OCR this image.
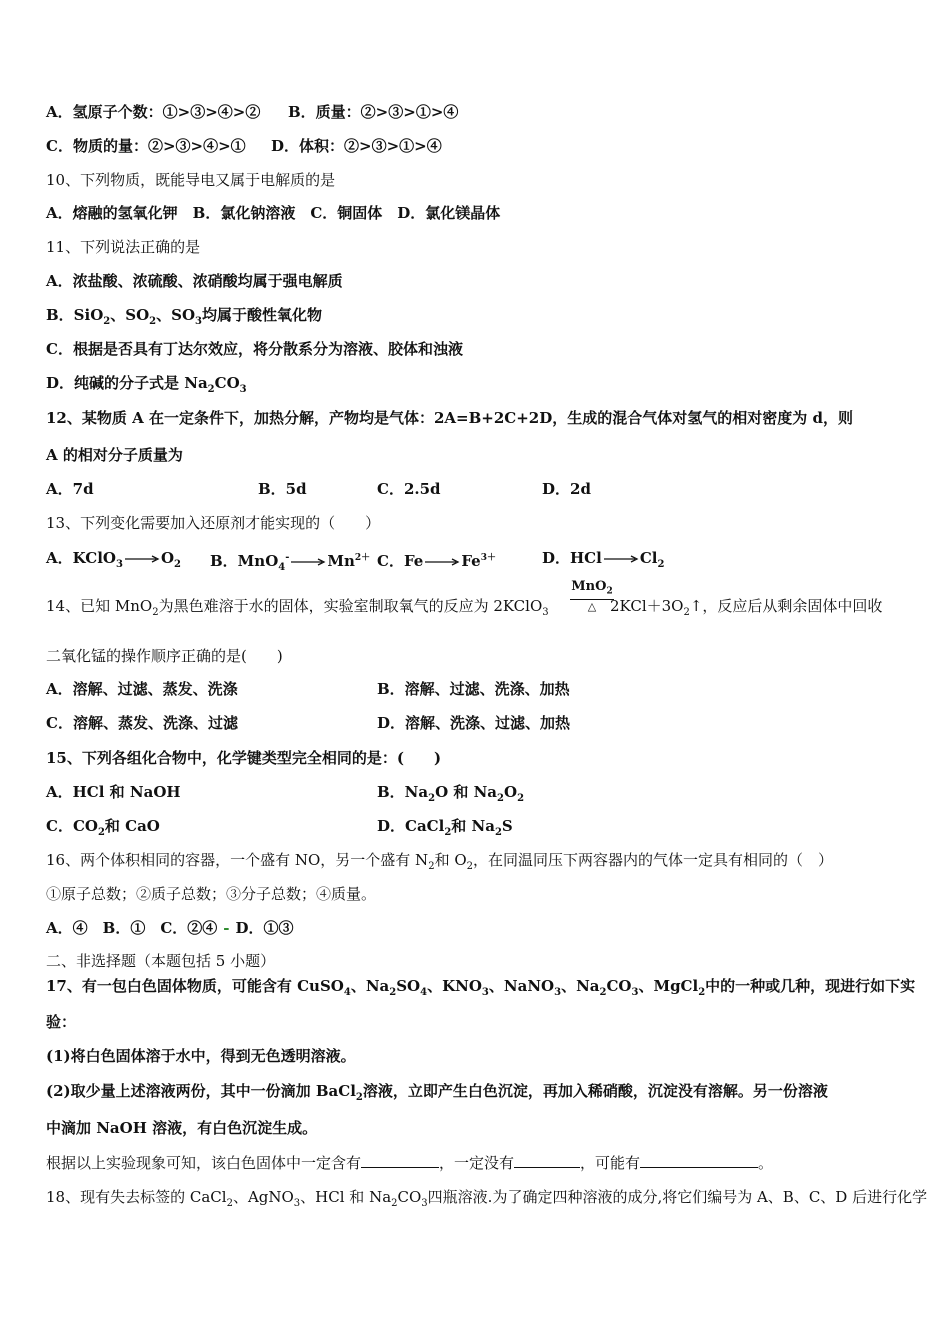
A．氢原子个数：①>③>④>② B．质量：②>③>①>④
C．物质的量：②>③>④>① D．体积：②>③>①>④
10、下列物质，既能导电又属于电解质的是
A．熔融的氢氧化钾　B．氯化钠溶液　C．铜固体　D．氯化镁晶体
11、下列说法正确的是
A．浓盐酸、浓硫酸、浓硝酸均属于强电解质
B．SiO$_2$、$SO_2$、$SO_3$均属于酸性氧化物
C．根据是否具有丁达尔效应，将分散系分为溶液、胶体和浊液
D．纯碱的分子式是 $Na_2CO_3$
12、某物质 A 在一定条件下，加热分解，产物均是气体：2A=B+2C+2D，生成的混合气体对氢气的相对密度为 d，则
A 的相对分子质量为
A．7d	B．5d	C．2.5d	D．2d
13、下列变化需要加入还原剂才能实现的（　　）
A．KClO$_3$	$O_2$ B．MnO$_4$-	$Mn^{2+}$ C．Fe	$Fe^{3+}$	D．HCl	$Cl_2$
14、已知 MnO$_2$为黑色难溶于水的固体，实验室制取氧气的反应为 2KClO$_3$
MnO$_2$
△ $2KCl+3O_2↑$，反应后从剩余固体中回收
二氧化锰的操作顺序正确的是(　　)
A．溶解、过滤、蒸发、洗涤	B．溶解、过滤、洗涤、加热
C．溶解、蒸发、洗涤、过滤	D．溶解、洗涤、过滤、加热
15、下列各组化合物中，化学键类型完全相同的是：(　　)
A．HCl 和 NaOH	B．$Na_2O$ 和 $Na_2O_2$
C．$CO_2$和 CaO	D．CaCl$_2$和 $Na_2S$
16、两个体积相同的容器，一个盛有 NO，另一个盛有 $N_2$和 $O_2$，在同温同压下两容器内的气体一定具有相同的（　）
①原子总数；②质子总数；③分子总数；④质量。
A．④　B．①　C．②④ - D．①③
二、非选择题（本题包括 5 小题）
17、有一包白色固体物质，可能含有 CuSO$_4$、$Na_2SO_4$、$KNO_3$、NaNO$_3$、$Na_2CO_3$、MgCl$_2$中的一种或几种，现进行如下实
验：
(1)将白色固体溶于水中，得到无色透明溶液。
(2)取少量上述溶液两份，其中一份滴加 BaCl$_2$溶液，立即产生白色沉淀，再加入稀硝酸，沉淀没有溶解。另一份溶液
中滴加 NaOH 溶液，有白色沉淀生成。
根据以上实验现象可知，该白色固体中一定含有	，一定没有	，可能有	。
18、现有失去标签的 CaCl$_2$、AgNO$_3$、HCl 和 $Na_2CO_3$四瓶溶液.为了确定四种溶液的成分,将它们编号为 A、B、C、D 后进行化学
